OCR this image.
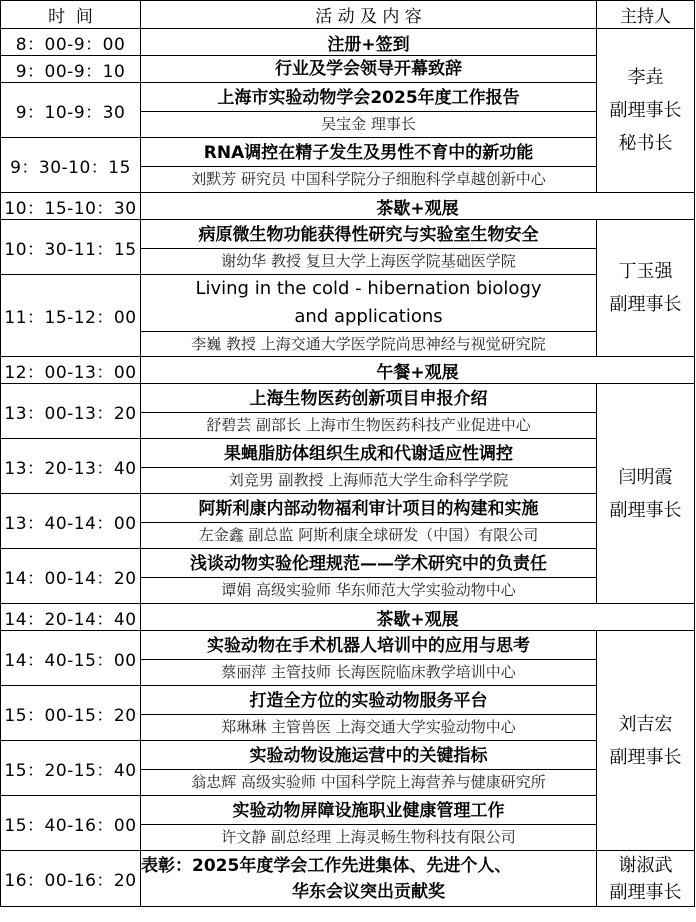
时  间	活 动 及 内 容	主持人
8：00-9：00	注册+签到	李垚
副理事长
秘书长

9：00-9：10	行业及学会领导开幕致辞	

9：10-9：30	上海市实验动物学会2025年度工作报告
吴宝金 理事长	

9：30-10：15	RNA调控在精子发生及男性不育中的新功能
刘默芳 研究员 中国科学院分子细胞科学卓越创新中心	

10：15-10：30	茶歇+观展	
10：30-11：15	病原微生物功能获得性研究与实验室生物安全
谢幼华 教授 复旦大学上海医学院基础医学院	丁玉强
副理事长

11：15-12：00	Living in the cold - hibernation biology
and applications
李巍 教授 上海交通大学医学院尚思神经与视觉研究院	

12：00-13：00	午餐+观展	
13：00-13：20	上海生物医药创新项目申报介绍
舒碧芸 副部长 上海市生物医药科技产业促进中心	闫明霞
副理事长

13：20-13：40	果蝇脂肪体组织生成和代谢适应性调控
刘竞男 副教授 上海师范大学生命科学学院	

13：40-14：00	阿斯利康内部动物福利审计项目的构建和实施
左金鑫 副总监 阿斯利康全球研发（中国）有限公司	

14：00-14：20	浅谈动物实验伦理规范——学术研究中的负责任
谭娟 高级实验师 华东师范大学实验动物中心	

14：20-14：40	茶歇+观展	
14：40-15：00	实验动物在手术机器人培训中的应用与思考
蔡丽萍 主管技师 长海医院临床教学培训中心	刘吉宏
副理事长

15：00-15：20	打造全方位的实验动物服务平台
郑琳琳 主管兽医 上海交通大学实验动物中心	

15：20-15：40	实验动物设施运营中的关键指标
翁忠辉 高级实验师 中国科学院上海营养与健康研究所	

15：40-16：00	实验动物屏障设施职业健康管理工作
许文静 副总经理 上海灵畅生物科技有限公司	

16：00-16：20	表彰：2025年度学会工作先进集体、先进个人、
华东会议突出贡献奖	谢淑武
副理事长
